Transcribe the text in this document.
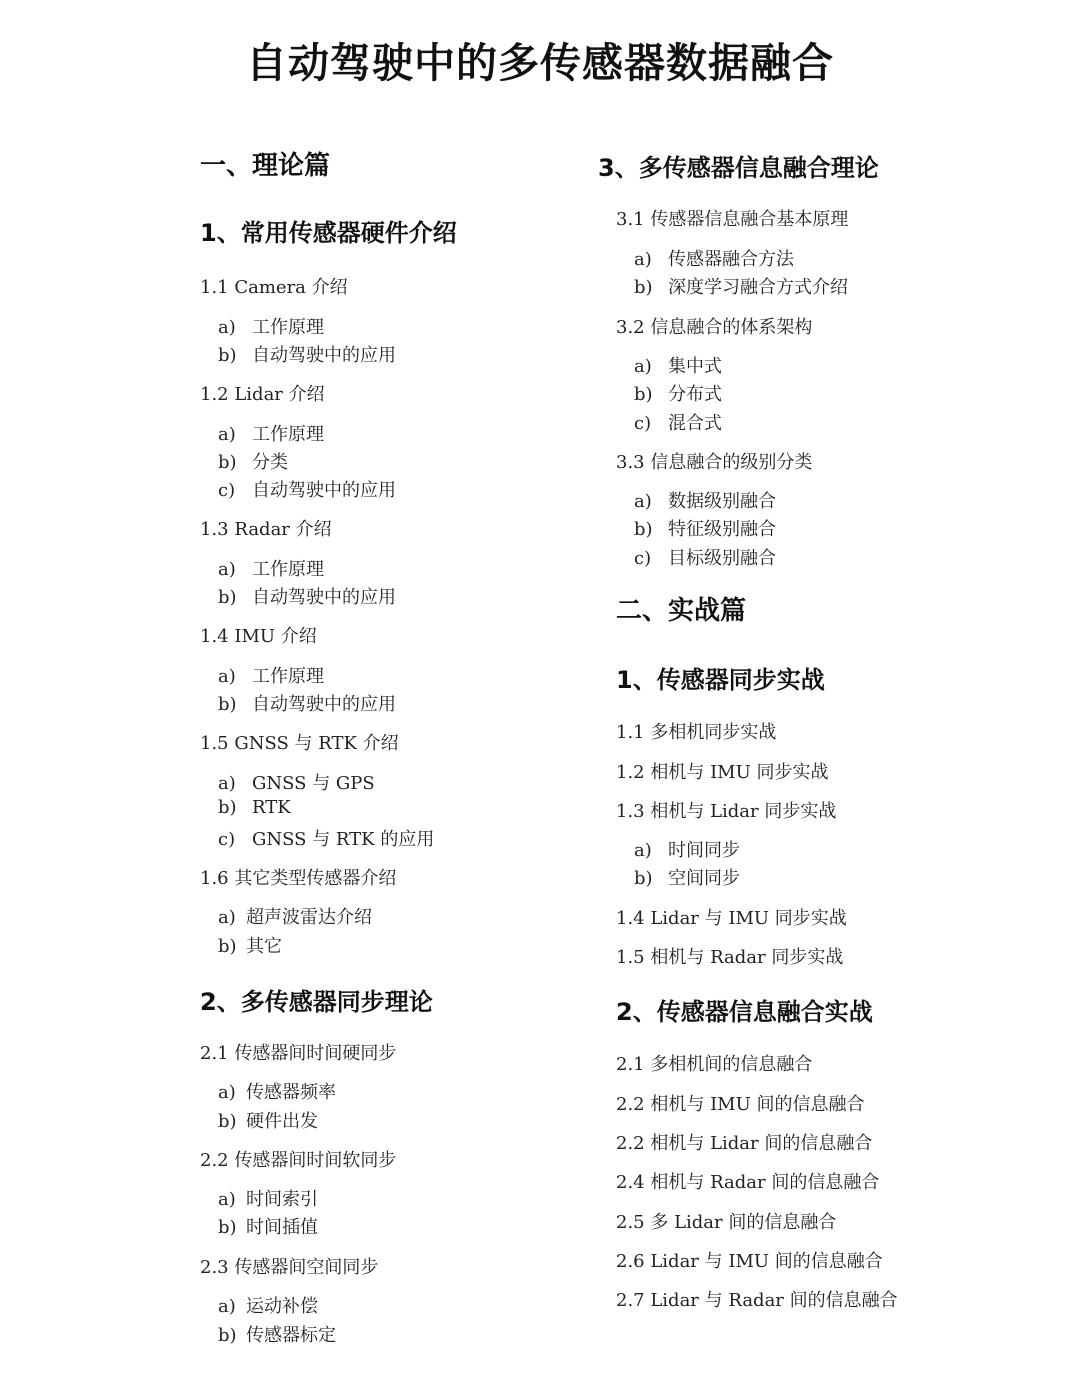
自动驾驶中的多传感器数据融合
一、理论篇
1、常用传感器硬件介绍
1.1 Camera 介绍
a) 工作原理
b) 自动驾驶中的应用
1.2 Lidar 介绍
a) 工作原理
b) 分类
c) 自动驾驶中的应用
1.3 Radar 介绍
a) 工作原理
b) 自动驾驶中的应用
1.4 IMU 介绍
a) 工作原理
b) 自动驾驶中的应用
1.5 GNSS 与 RTK 介绍
a) GNSS 与 GPS
b) RTK
c) GNSS 与 RTK 的应用
1.6 其它类型传感器介绍
a) 超声波雷达介绍
b) 其它
2、多传感器同步理论
2.1 传感器间时间硬同步
a) 传感器频率
b) 硬件出发
2.2 传感器间时间软同步
a) 时间索引
b) 时间插值
2.3 传感器间空间同步
a) 运动补偿
b) 传感器标定
3、多传感器信息融合理论
3.1 传感器信息融合基本原理
a) 传感器融合方法
b) 深度学习融合方式介绍
3.2 信息融合的体系架构
a) 集中式
b) 分布式
c) 混合式
3.3 信息融合的级别分类
a) 数据级别融合
b) 特征级别融合
c) 目标级别融合
二、实战篇
1、传感器同步实战
1.1 多相机同步实战
1.2 相机与 IMU 同步实战
1.3 相机与 Lidar 同步实战
a) 时间同步
b) 空间同步
1.4 Lidar 与 IMU 同步实战
1.5 相机与 Radar 同步实战
2、传感器信息融合实战
2.1 多相机间的信息融合
2.2 相机与 IMU 间的信息融合
2.2 相机与 Lidar 间的信息融合
2.4 相机与 Radar 间的信息融合
2.5 多 Lidar 间的信息融合
2.6 Lidar 与 IMU 间的信息融合
2.7 Lidar 与 Radar 间的信息融合
